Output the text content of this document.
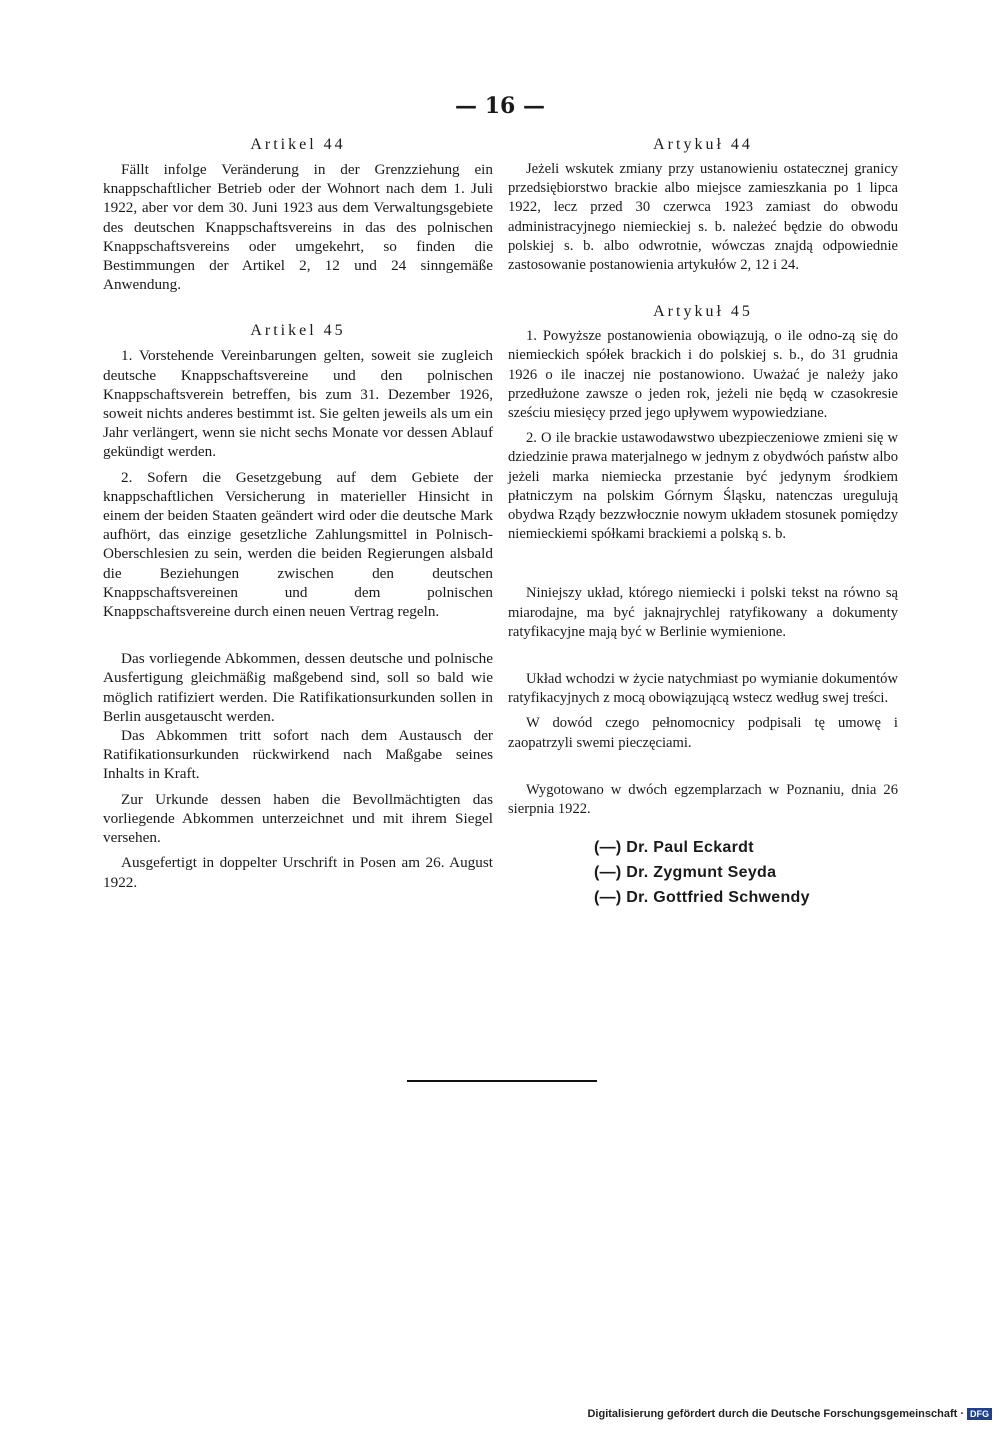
— 16 —
Artikel 44

Fällt infolge Veränderung in der Grenzziehung ein knappschaftlicher Betrieb oder der Wohnort nach dem 1. Juli 1922, aber vor dem 30. Juni 1923 aus dem Verwaltungsgebiete des deutschen Knappschaftsvereins in das des polnischen Knappschaftsvereins oder umgekehrt, so finden die Bestimmungen der Artikel 2, 12 und 24 sinngemäße Anwendung.

Artikel 45

1. Vorstehende Vereinbarungen gelten, soweit sie zugleich deutsche Knappschaftsvereine und den polnischen Knappschaftsverein betreffen, bis zum 31. Dezember 1926, soweit nichts anderes bestimmt ist. Sie gelten jeweils als um ein Jahr verlängert, wenn sie nicht sechs Monate vor dessen Ablauf gekündigt werden.

2. Sofern die Gesetzgebung auf dem Gebiete der knappschaftlichen Versicherung in materieller Hinsicht in einem der beiden Staaten geändert wird oder die deutsche Mark aufhört, das einzige gesetzliche Zahlungsmittel in Polnisch-Oberschlesien zu sein, werden die beiden Regierungen alsbald die Beziehungen zwischen den deutschen Knappschaftsvereinen und dem polnischen Knappschaftsvereine durch einen neuen Vertrag regeln.

Das vorliegende Abkommen, dessen deutsche und polnische Ausfertigung gleichmäßig maßgebend sind, soll so bald wie möglich ratifiziert werden. Die Ratifikationsurkunden sollen in Berlin ausgetauscht werden.

Das Abkommen tritt sofort nach dem Austausch der Ratifikationsurkunden rückwirkend nach Maßgabe seines Inhalts in Kraft.

Zur Urkunde dessen haben die Bevollmächtigten das vorliegende Abkommen unterzeichnet und mit ihrem Siegel versehen.

Ausgefertigt in doppelter Urschrift in Posen am 26. August 1922.

Artykuł 44

Jeżeli wskutek zmiany przy ustanowieniu ostatecznej granicy przedsiębiorstwo brackie albo miejsce zamieszkania po 1 lipca 1922, lecz przed 30 czerwca 1923 zamiast do obwodu administracyjnego niemieckiej s. b. należeć będzie do obwodu polskiej s. b. albo odwrotnie, wówczas znajdą odpowiednie zastosowanie postanowienia artykułów 2, 12 i 24.

Artykuł 45

1. Powyższe postanowienia obowiązują, o ile odno-zą się do niemieckich spółek brackich i do polskiej s. b., do 31 grudnia 1926 o ile inaczej nie postanowiono. Uważać je należy jako przedłużone zawsze o jeden rok, jeżeli nie będą w czasokresie sześciu miesięcy przed jego upływem wypowiedziane.

2. O ile brackie ustawodawstwo ubezpieczeniowe zmieni się w dziedzinie prawa materjalnego w jednym z obydwóch państw albo jeżeli marka niemiecka przestanie być jedynym środkiem płatniczym na polskim Górnym Śląsku, natenczas uregulują obydwa Rządy bezzwłocznie nowym układem stosunek pomiędzy niemieckiemi spółkami brackiemi a polską s. b.

Niniejszy układ, którego niemiecki i polski tekst na równo są miarodajne, ma być jaknajrychlej ratyfikowany a dokumenty ratyfikacyjne mają być w Berlinie wymienione.

Układ wchodzi w życie natychmiast po wymianie dokumentów ratyfikacyjnych z mocą obowiązującą wstecz według swej treści.

W dowód czego pełnomocnicy podpisali tę umowę i zaopatrzyli swemi pieczęciami.

Wygotowano w dwóch egzemplarzach w Poznaniu, dnia 26 sierpnia 1922.

(—) Dr. Paul Eckardt
(—) Dr. Zygmunt Seyda
(—) Dr. Gottfried Schwendy
Digitalisierung gefördert durch die Deutsche Forschungsgemeinschaft · DFG
